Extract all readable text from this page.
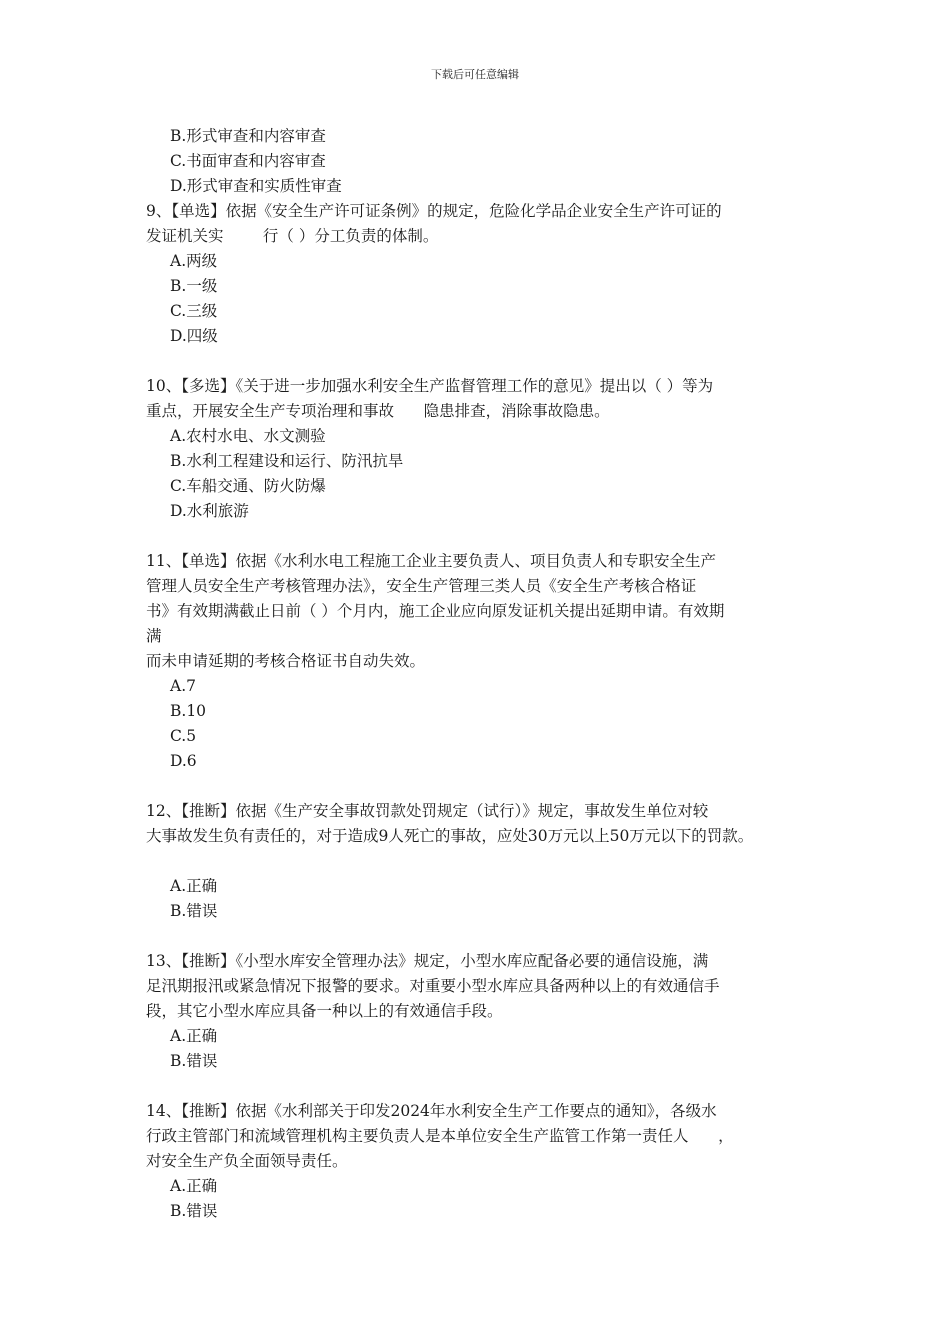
下载后可任意编辑
B.形式审查和内容审查
C.书面审查和内容审查
D.形式审查和实质性审查
9、【单选】依据《安全生产许可证条例》的规定，危险化学品企业安全生产许可证的
发证机关实        行（ ）分工负责的体制。
A.两级
B.一级
C.三级
D.四级
10、【多选】《关于进一步加强水利安全生产监督管理工作的意见》提出以（ ）等为
重点，开展安全生产专项治理和事故      隐患排查，消除事故隐患。
A.农村水电、水文测验
B.水利工程建设和运行、防汛抗旱
C.车船交通、防火防爆
D.水利旅游
11、【单选】依据《水利水电工程施工企业主要负责人、项目负责人和专职安全生产
管理人员安全生产考核管理办法》，安全生产管理三类人员《安全生产考核合格证
书》有效期满截止日前（ ）个月内，施工企业应向原发证机关提出延期申请。有效期
满
而未申请延期的考核合格证书自动失效。
A.7
B.10
C.5
D.6
12、【推断】依据《生产安全事故罚款处罚规定（试行）》规定，事故发生单位对较
大事故发生负有责任的，对于造成9人死亡的事故，应处30万元以上50万元以下的罚款。
A.正确
B.错误
13、【推断】《小型水库安全管理办法》规定，小型水库应配备必要的通信设施，满
足汛期报汛或紧急情况下报警的要求。对重要小型水库应具备两种以上的有效通信手
段，其它小型水库应具备一种以上的有效通信手段。
A.正确
B.错误
14、【推断】依据《水利部关于印发2024年水利安全生产工作要点的通知》，各级水
行政主管部门和流域管理机构主要负责人是本单位安全生产监管工作第一责任人      ，
对安全生产负全面领导责任。
A.正确
B.错误
